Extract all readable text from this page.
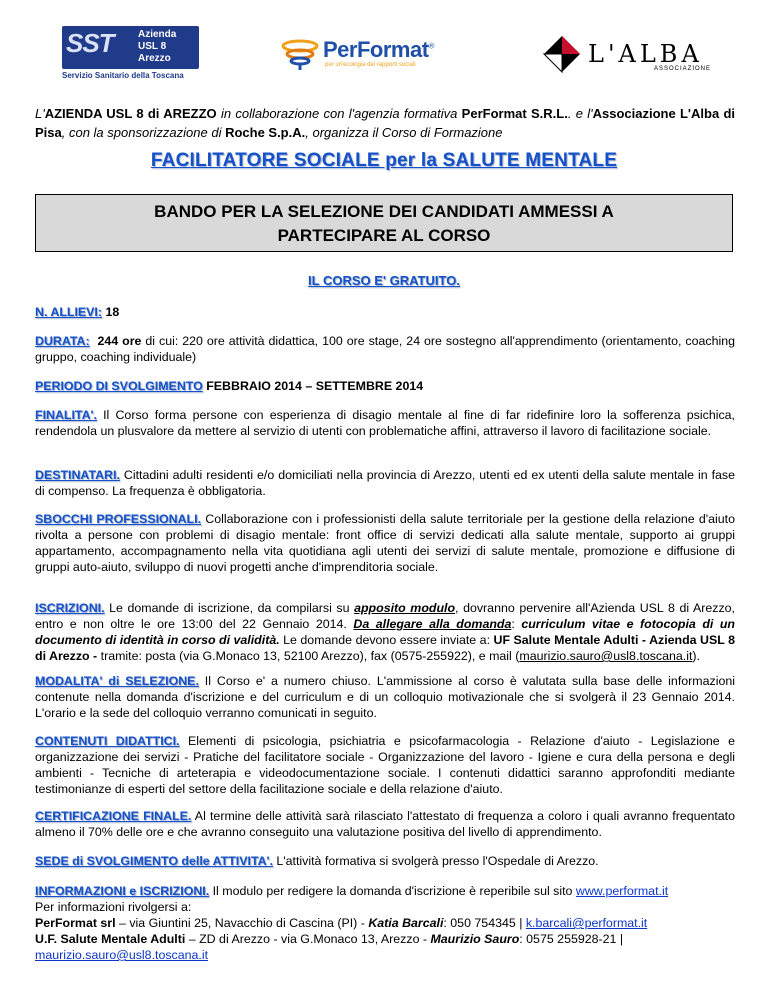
SST Azienda
USL 8
Arezzo
Servizio Sanitario della Toscana
PerFormat®
per un'ecologia dei rapporti sociali	L'ALBA
ASSOCIAZIONE
L'AZIENDA USL 8 di AREZZO in collaborazione con l'agenzia formativa PerFormat S.R.L.. e l'Associazione L'Alba di Pisa, con la sponsorizzazione di Roche S.p.A., organizza il Corso di Formazione
FACILITATORE SOCIALE per la SALUTE MENTALE
BANDO PER LA SELEZIONE DEI CANDIDATI AMMESSI A
PARTECIPARE AL CORSO
IL CORSO E' GRATUITO.
N. ALLIEVI: 18
DURATA: 244 ore di cui: 220 ore attività didattica, 100 ore stage, 24 ore sostegno all'apprendimento (orientamento, coaching gruppo, coaching individuale)
PERIODO DI SVOLGIMENTO FEBBRAIO 2014 – SETTEMBRE 2014
FINALITA'. Il Corso forma persone con esperienza di disagio mentale al fine di far ridefinire loro la sofferenza psichica, rendendola un plusvalore da mettere al servizio di utenti con problematiche affini, attraverso il lavoro di facilitazione sociale.
DESTINATARI. Cittadini adulti residenti e/o domiciliati nella provincia di Arezzo, utenti ed ex utenti della salute mentale in fase di compenso. La frequenza è obbligatoria.
SBOCCHI PROFESSIONALI. Collaborazione con i professionisti della salute territoriale per la gestione della relazione d'aiuto rivolta a persone con problemi di disagio mentale: front office di servizi dedicati alla salute mentale, supporto ai gruppi appartamento, accompagnamento nella vita quotidiana agli utenti dei servizi di salute mentale, promozione e diffusione di gruppi auto-aiuto, sviluppo di nuovi progetti anche d'imprenditoria sociale.
ISCRIZIONI. Le domande di iscrizione, da compilarsi su apposito modulo, dovranno pervenire all'Azienda USL 8 di Arezzo, entro e non oltre le ore 13:00 del 22 Gennaio 2014. Da allegare alla domanda: curriculum vitae e fotocopia di un documento di identità in corso di validità. Le domande devono essere inviate a: UF Salute Mentale Adulti - Azienda USL 8 di Arezzo - tramite: posta (via G.Monaco 13, 52100 Arezzo), fax (0575-255922), e mail (maurizio.sauro@usl8.toscana.it).
MODALITA' di SELEZIONE. Il Corso e' a numero chiuso. L'ammissione al corso è valutata sulla base delle informazioni contenute nella domanda d'iscrizione e del curriculum e di un colloquio motivazionale che si svolgerà il 23 Gennaio 2014. L'orario e la sede del colloquio verranno comunicati in seguito.
CONTENUTI DIDATTICI. Elementi di psicologia, psichiatria e psicofarmacologia - Relazione d'aiuto - Legislazione e organizzazione dei servizi - Pratiche del facilitatore sociale - Organizzazione del lavoro - Igiene e cura della persona e degli ambienti - Tecniche di arteterapia e videodocumentazione sociale. I contenuti didattici saranno approfonditi mediante testimonianze di esperti del settore della facilitazione sociale e della relazione d'aiuto.
CERTIFICAZIONE FINALE. Al termine delle attività sarà rilasciato l'attestato di frequenza a coloro i quali avranno frequentato almeno il 70% delle ore e che avranno conseguito una valutazione positiva del livello di apprendimento.
SEDE di SVOLGIMENTO delle ATTIVITA'. L'attività formativa si svolgerà presso l'Ospedale di Arezzo.
INFORMAZIONI e ISCRIZIONI. Il modulo per redigere la domanda d'iscrizione è reperibile sul sito www.performat.it
Per informazioni rivolgersi a:
PerFormat srl – via Giuntini 25, Navacchio di Cascina (PI) - Katia Barcali: 050 754345 | k.barcali@performat.it
U.F. Salute Mentale Adulti – ZD di Arezzo - via G.Monaco 13, Arezzo - Maurizio Sauro: 0575 255928-21 |
maurizio.sauro@usl8.toscana.it
